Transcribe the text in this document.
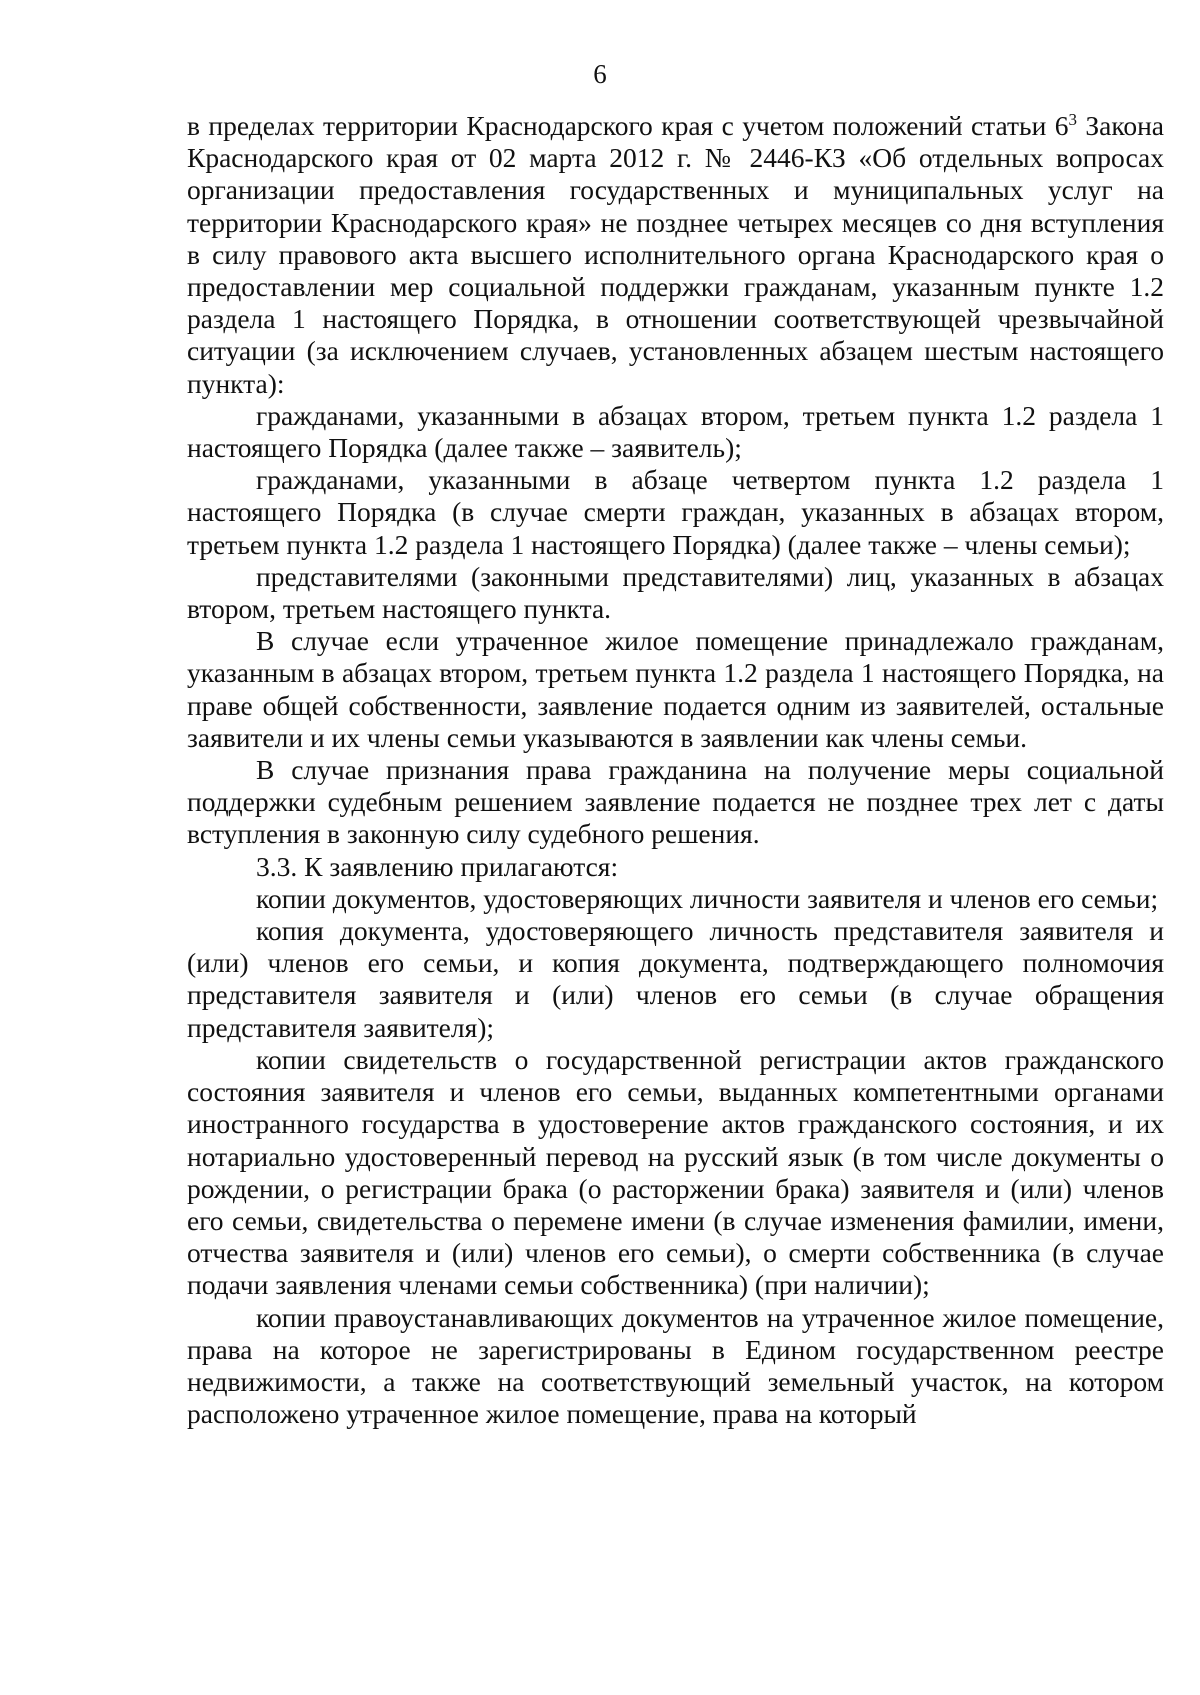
6

в пределах территории Краснодарского края с учетом положений статьи $6^3$ Закона Краснодарского края от 02 марта 2012 г. № 2446-КЗ «Об отдельных вопросах организации предоставления государственных и муниципальных услуг на территории Краснодарского края» не позднее четырех месяцев со дня вступления в силу правового акта высшего исполнительного органа Краснодарского края о предоставлении мер социальной поддержки гражданам, указанным пункте 1.2 раздела 1 настоящего Порядка, в отношении соответствующей чрезвычайной ситуации (за исключением случаев, установленных абзацем шестым настоящего пункта):

гражданами, указанными в абзацах втором, третьем пункта 1.2 раздела 1 настоящего Порядка (далее также – заявитель);

гражданами, указанными в абзаце четвертом пункта 1.2 раздела 1 настоящего Порядка (в случае смерти граждан, указанных в абзацах втором, третьем пункта 1.2 раздела 1 настоящего Порядка) (далее также – члены семьи);

представителями (законными представителями) лиц, указанных в абзацах втором, третьем настоящего пункта.

В случае если утраченное жилое помещение принадлежало гражданам, указанным в абзацах втором, третьем пункта 1.2 раздела 1 настоящего Порядка, на праве общей собственности, заявление подается одним из заявителей, остальные заявители и их члены семьи указываются в заявлении как члены семьи.

В случае признания права гражданина на получение меры социальной поддержки судебным решением заявление подается не позднее трех лет с даты вступления в законную силу судебного решения.

3.3. К заявлению прилагаются:

копии документов, удостоверяющих личности заявителя и членов его семьи;

копия документа, удостоверяющего личность представителя заявителя и (или) членов его семьи, и копия документа, подтверждающего полномочия представителя заявителя и (или) членов его семьи (в случае обращения представителя заявителя);

копии свидетельств о государственной регистрации актов гражданского состояния заявителя и членов его семьи, выданных компетентными органами иностранного государства в удостоверение актов гражданского состояния, и их нотариально удостоверенный перевод на русский язык (в том числе документы о рождении, о регистрации брака (о расторжении брака) заявителя и (или) членов его семьи, свидетельства о перемене имени (в случае изменения фамилии, имени, отчества заявителя и (или) членов его семьи), о смерти собственника (в случае подачи заявления членами семьи собственника) (при наличии);

копии правоустанавливающих документов на утраченное жилое помещение, права на которое не зарегистрированы в Едином государственном реестре недвижимости, а также на соответствующий земельный участок, на котором расположено утраченное жилое помещение, права на который
